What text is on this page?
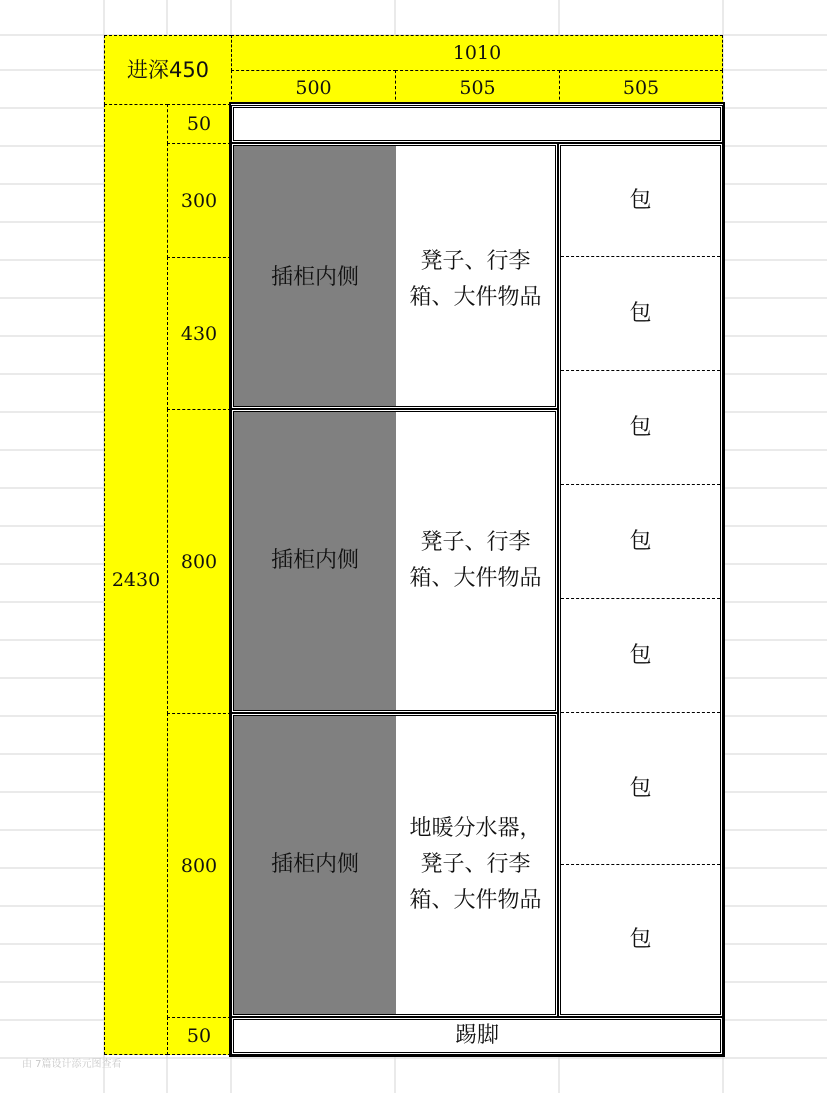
进深450
1010
500	505	505
2430
50
300
430
800
800
50
插柜内侧
凳子、行李箱、大件物品
插柜内侧
凳子、行李箱、大件物品
插柜内侧
地暖分水器，凳子、行李箱、大件物品
包
包
包
包
包
包
包
踢脚
由 7篇设计添元图查看
